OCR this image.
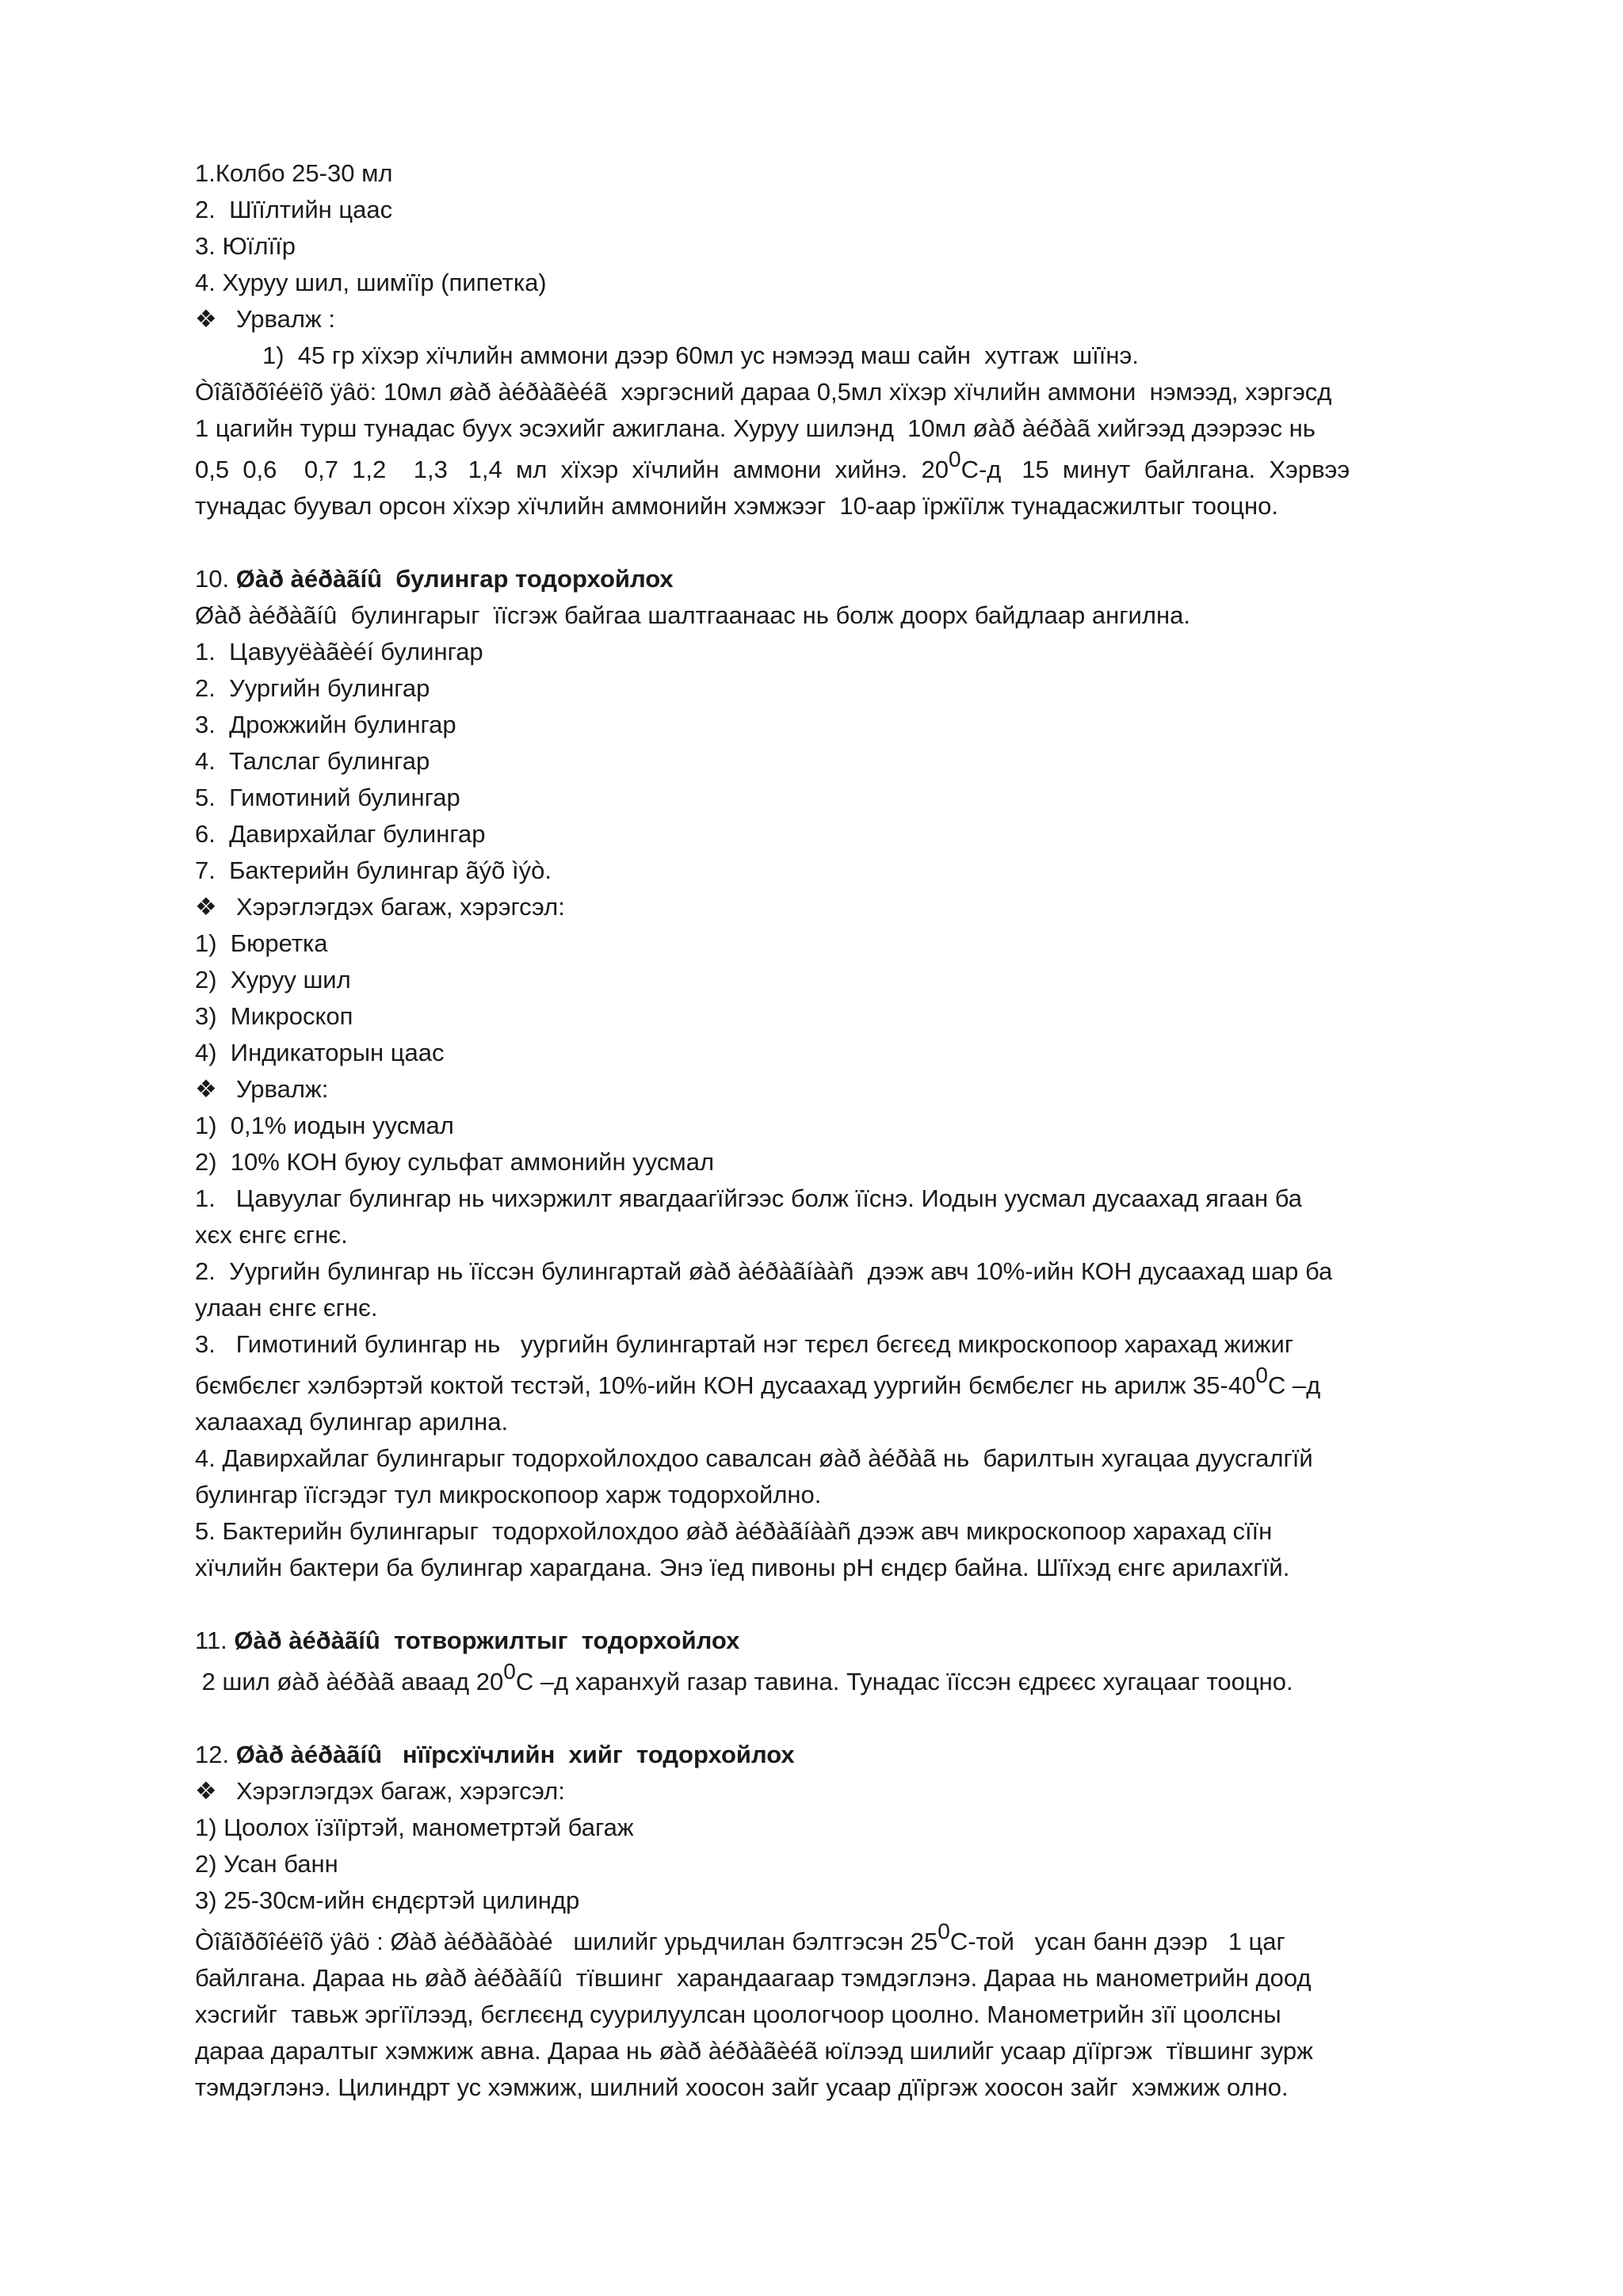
1.Колбо 25-30 мл
2.  Шїїлтийн цаас
3. Юїлїїр
4. Хуруу шил, шимїїр (пипетка)
❖ Урвалж :
1)  45 гр хїхэр хїчлийн аммони дээр 60мл ус нэмээд маш сайн  хутгаж  шїїнэ.
Òîãîðõîéëîõ ÿâö: 10мл øàð àéðàãèéã  хэргэсний дараа 0,5мл хїхэр хїчлийн аммони  нэмээд, хэргэсд
1 цагийн турш тунадас буух эсэхийг ажиглана. Хуруу шилэнд  10мл øàð àéðàã хийгээд дээрээс нь
0,5  0,6    0,7  1,2    1,3   1,4  мл  хїхэр  хїчлийн  аммони  хийнэ.  $20^0С-д$   15  минут  байлгана.  Хэрвээ
тунадас буувал орсон хїхэр хїчлийн аммонийн хэмжээг  10-аар їржїїлж тунадасжилтыг тооцно.
10. Øàð àéðàãíû  булингар тодорхойлох
Øàð àéðàãíû  булингарыг  їїсгэж байгаа шалтгаанаас нь болж доорх байдлаар ангилна.
1.  Цавууëàãèéí булингар
2.  Уургийн булингар
3.  Дрожжийн булингар
4.  Талслаг булингар
5.  Гимотиний булингар
6.  Давирхайлаг булингар
7.  Бактерийн булингар ãýõ ìýò.
❖ Хэрэглэгдэх багаж, хэрэгсэл:
1)  Бюретка
2)  Хуруу шил
3)  Микроскоп
4)  Индикаторын цаас
❖ Урвалж:
1)  0,1% иодын уусмал
2)  10% КОН буюу сульфат аммонийн уусмал
1.   Цавуулаг булингар нь чихэржилт явагдаагїйгээс болж їїснэ. Иодын уусмал дусаахад ягаан ба
хєх єнгє єгнє.
2.  Уургийн булингар нь їїссэн булингартай øàð àéðàãíààñ  дээж авч 10%-ийн КОН дусаахад шар ба
улаан єнгє єгнє.
3.   Гимотиний булингар нь   уургийн булингартай нэг тєрєл бєгєєд микроскопоор харахад жижиг
бємбєлєг хэлбэртэй коктой тєстэй, 10%-ийн КОН дусаахад уургийн бємбєлєг нь арилж $35-40^0С$ –д
халаахад булингар арилна.
4. Давирхайлаг булингарыг тодорхойлохдоо савалсан øàð àéðàã нь  барилтын хугацаа дуусгалгїй
булингар їїсгэдэг тул микроскопоор харж тодорхойлно.
5. Бактерийн булингарыг  тодорхойлохдоо øàð àéðàãíààñ дээж авч микроскопоор харахад сїїн
хїчлийн бактери ба булингар харагдана. Энэ їед пивоны pH єндєр байна. Шїїхэд єнгє арилахгїй.
11. Øàð àéðàãíû  тотворжилтыг  тодорхойлох
2 шил øàð àéðàã аваад $20^0С$ –д харанхуй газар тавина. Тунадас їїссэн єдрєєс хугацааг тооцно.
12. Øàð àéðàãíû   нїїрсхїчлийн  хийг  тодорхойлох
❖ Хэрэглэгдэх багаж, хэрэгсэл:
1) Цоолох їзїїртэй, манометртэй багаж
2) Усан банн
3) 25-30см-ийн єндєртэй цилиндр
Òîãîðõîéëîõ ÿâö : Øàð àéðàãòàé   шилийг урьдчилан бэлтгэсэн $25^0С$-той   усан банн дээр   1 цаг
байлгана. Дараа нь øàð àéðàãíû  тївшинг  харандаагаар тэмдэглэнэ. Дараа нь манометрийн доод
хэсгийг  тавьж эргїїлээд, бєглєєнд суурилуулсан цоологчоор цоолно. Манометрийн зїї цоолсны
дараа даралтыг хэмжиж авна. Дараа нь øàð àéðàãèéã юїлээд шилийг усаар дїїргэж  тївшинг зурж
тэмдэглэнэ. Цилиндрт ус хэмжиж, шилний хоосон зайг усаар дїїргэж хоосон зайг  хэмжиж олно.
